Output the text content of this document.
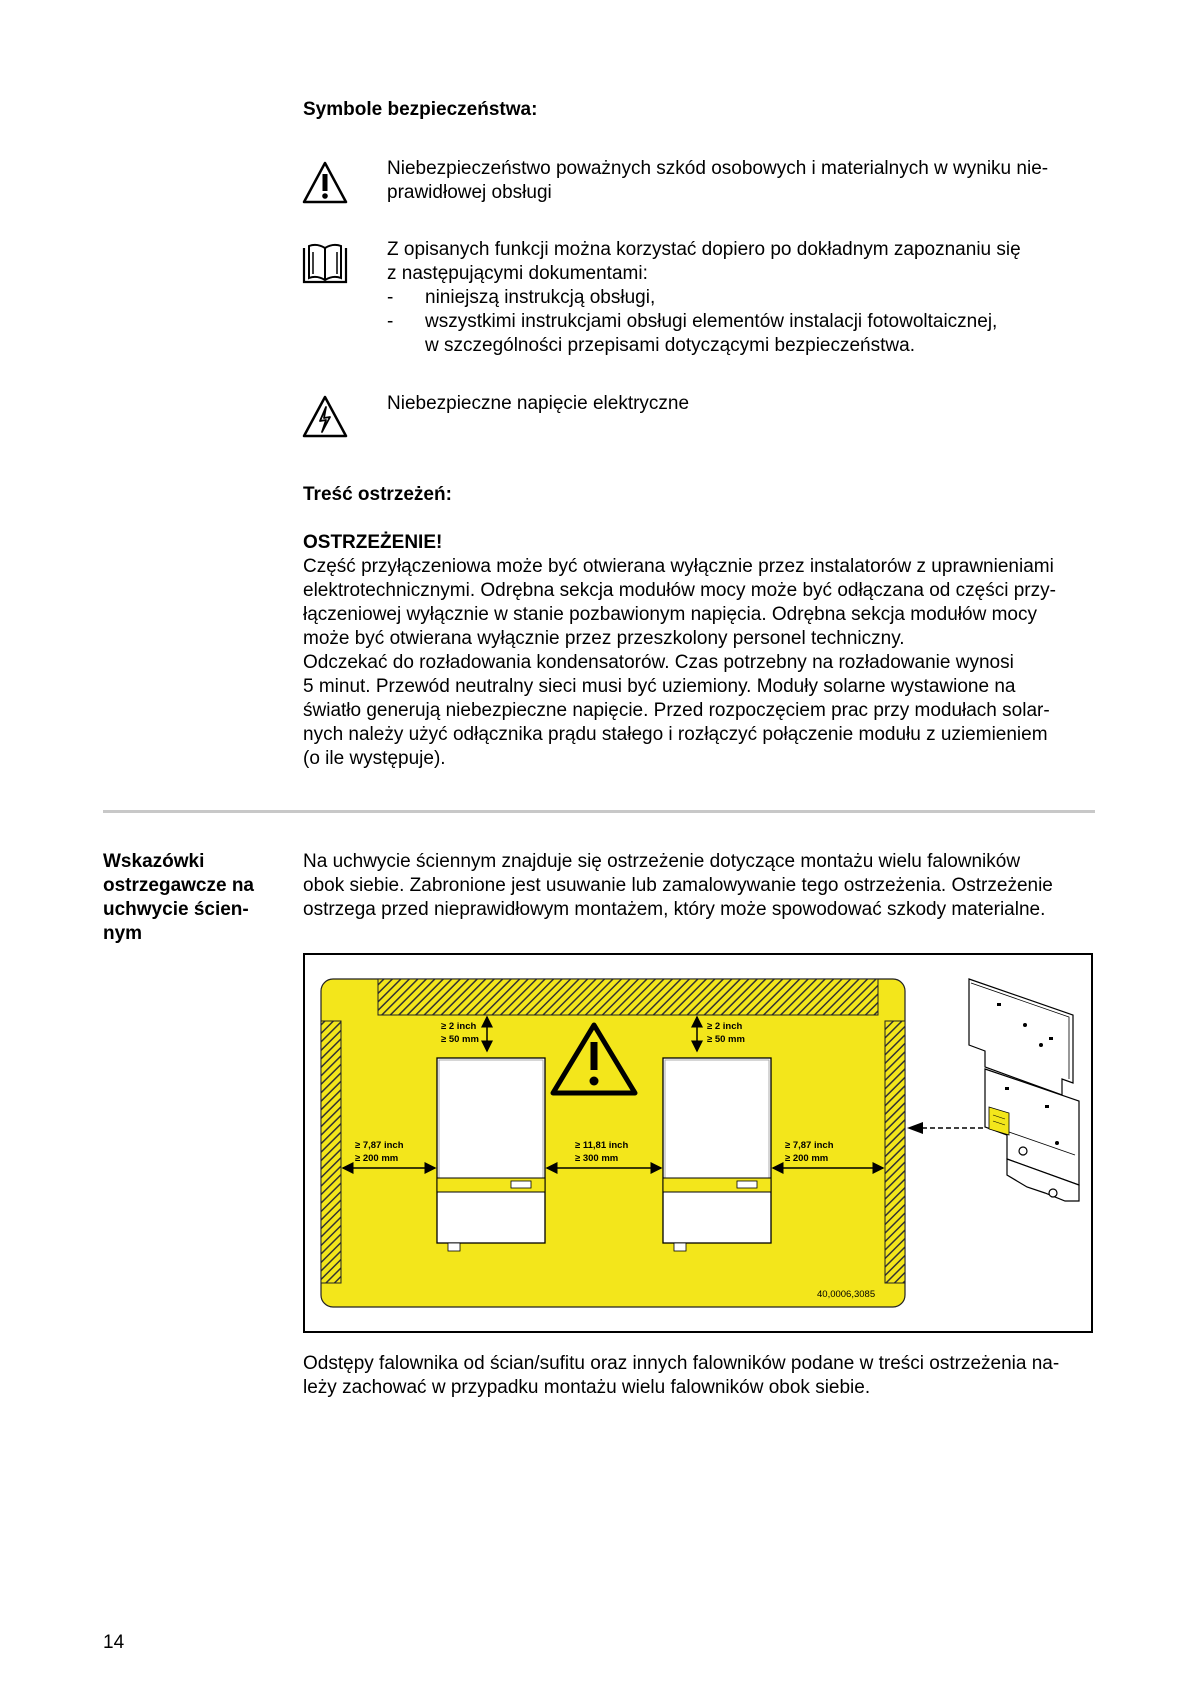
Symbole bezpieczeństwa:

Niebezpieczeństwo poważnych szkód osobowych i materialnych w wyniku nie-

prawidłowej obsługi

Z opisanych funkcji można korzystać dopiero po dokładnym zapoznaniu się

z następującymi dokumentami:

-	niniejszą instrukcją obsługi,
-	wszystkimi instrukcjami obsługi elementów instalacji fotowoltaicznej,

w szczególności przepisami dotyczącymi bezpieczeństwa.

Niebezpieczne napięcie elektryczne

Treść ostrzeżeń:
OSTRZEŻENIE!

Część przyłączeniowa może być otwierana wyłącznie przez instalatorów z uprawnieniami

elektrotechnicznymi. Odrębna sekcja modułów mocy może być odłączana od części przy-

łączeniowej wyłącznie w stanie pozbawionym napięcia. Odrębna sekcja modułów mocy

może być otwierana wyłącznie przez przeszkolony personel techniczny.

Odczekać do rozładowania kondensatorów. Czas potrzebny na rozładowanie wynosi

5 minut. Przewód neutralny sieci musi być uziemiony. Moduły solarne wystawione na

światło generują niebezpieczne napięcie. Przed rozpoczęciem prac przy modułach solar-

nych należy użyć odłącznika prądu stałego i rozłączyć połączenie modułu z uziemieniem

(o ile występuje).

Wskazówki

ostrzegawcze na

uchwycie ścien-

nym

Na uchwycie ściennym znajduje się ostrzeżenie dotyczące montażu wielu falowników

obok siebie. Zabronione jest usuwanie lub zamalowywanie tego ostrzeżenia. Ostrzeżenie

ostrzega przed nieprawidłowym montażem, który może spowodować szkody materialne.

≥ 2 inch
≥ 50 mm
≥ 2 inch
≥ 50 mm
≥ 7,87 inch
≥ 200 mm
≥ 11,81 inch
≥ 300 mm
≥ 7,87 inch
≥ 200 mm
40,0006,3085

Odstępy falownika od ścian/sufitu oraz innych falowników podane w treści ostrzeżenia na-

leży zachować w przypadku montażu wielu falowników obok siebie.

14
